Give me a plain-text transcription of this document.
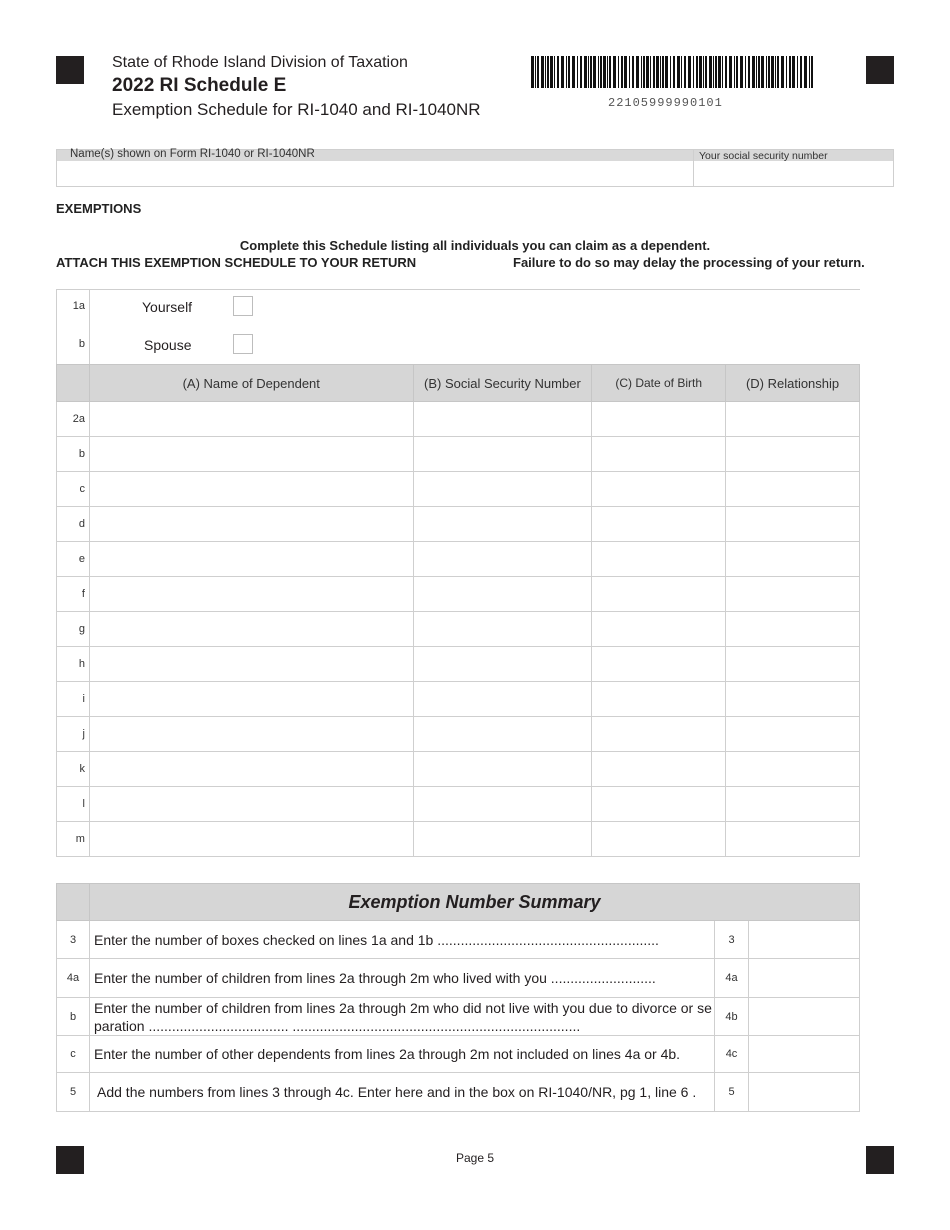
State of Rhode Island Division of Taxation
2022 RI Schedule E
Exemption Schedule for RI-1040 and RI-1040NR	22105999990101
Name(s) shown on Form RI-1040 or RI-1040NR	Your social security number
EXEMPTIONS
Complete this Schedule listing all individuals you can claim as a dependent.
ATTACH THIS EXEMPTION SCHEDULE TO YOUR RETURN	Failure to do so may delay the processing of your return.
1a	Yourself
b	Spouse
	(A) Name of Dependent	(B) Social Security Number	(C) Date of Birth	(D) Relationship
2a				
b				
c				
d				
e				
f				
g				
h				
i				
j				
k				
l				
m				
	Exemption Number Summary		
3	Enter the number of boxes checked on lines 1a and 1b .........................................................	3	
4a	Enter the number of children from lines 2a through 2m who lived with you ...........................	4a	
b	Enter the number of children from lines 2a through 2m who did not live with you due to divorce or separation .................................... ..........................................................................	4b	
c	Enter the number of other dependents from lines 2a through 2m not included on lines 4a or 4b.	4c	
5	Add the numbers from lines 3 through 4c. Enter here and in the box on RI-1040/NR, pg 1, line 6 .	5	
Page 5
